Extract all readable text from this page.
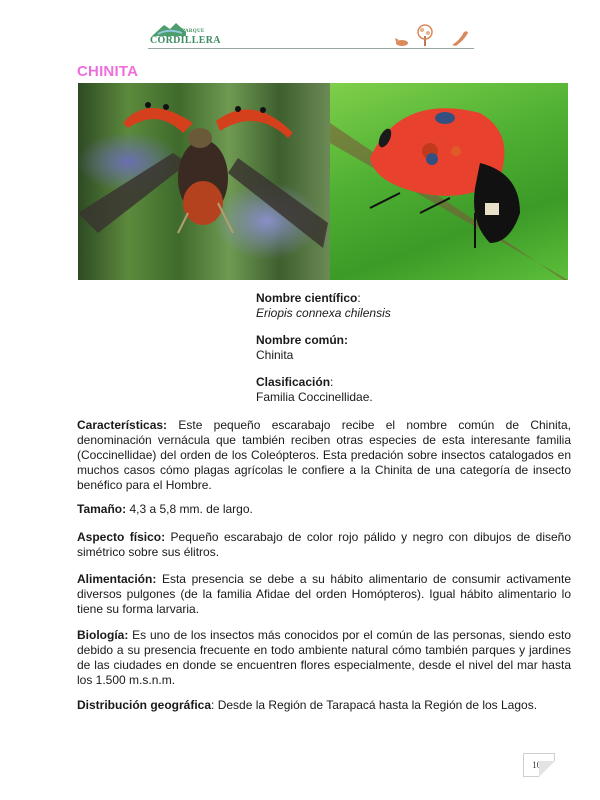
PARQUE
CORDILLERA
CHINITA
Nombre científico:
Eriopis connexa chilensis
Nombre común:
Chinita
Clasificación:
Familia Coccinellidae.
Características: Este pequeño escarabajo recibe el nombre común de Chinita, denominación vernácula que también reciben otras especies de esta interesante familia (Coccinellidae) del orden de los Coleópteros. Esta predación sobre insectos catalogados en muchos casos cómo plagas agrícolas le confiere a la Chinita de una categoría de insecto benéfico para el Hombre.
Tamaño: 4,3 a 5,8 mm. de largo.
Aspecto físico: Pequeño escarabajo de color rojo pálido y negro con dibujos de diseño simétrico sobre sus élitros.
Alimentación: Esta presencia se debe a su hábito alimentario de consumir activamente diversos pulgones (de la familia Afidae del orden Homópteros). Igual hábito alimentario lo tiene su forma larvaria.
Biología: Es uno de los insectos más conocidos por el común de las personas, siendo esto debido a su presencia frecuente en todo ambiente natural cómo también parques y jardines de las ciudades en donde se encuentren flores especialmente, desde el nivel del mar hasta los 1.500 m.s.n.m.
Distribución geográfica: Desde la Región de Tarapacá hasta la Región de los Lagos.
105
